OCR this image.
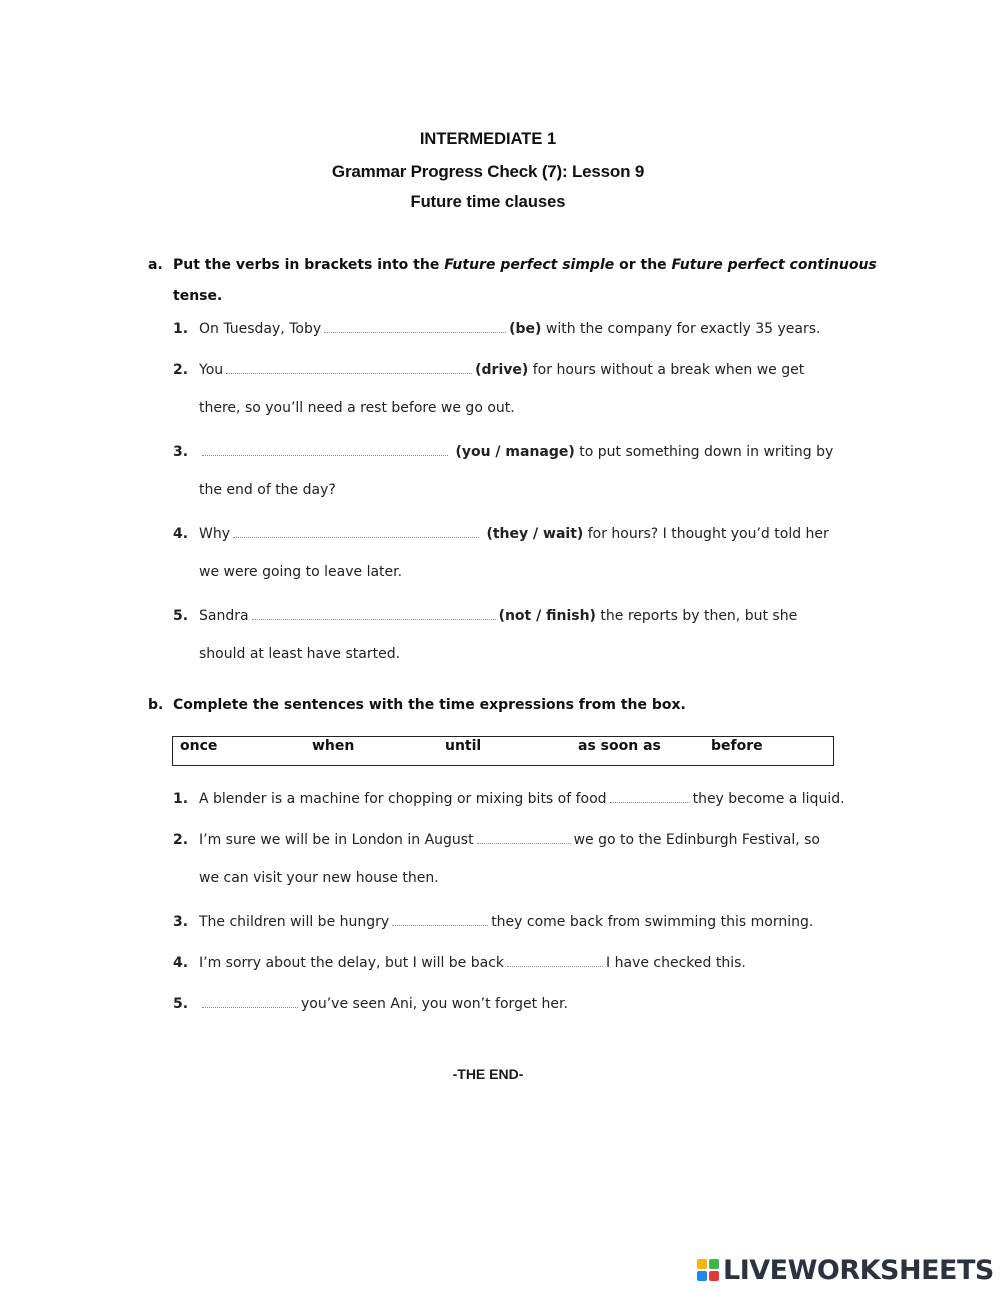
INTERMEDIATE 1
Grammar Progress Check (7): Lesson 9
Future time clauses
a. Put the verbs in brackets into the Future perfect simple or the Future perfect continuous
tense.
1. On Tuesday, Toby	(be) with the company for exactly 35 years.
2. You	(drive) for hours without a break when we get
there, so you’ll need a rest before we go out.
3.	(you / manage) to put something down in writing by
the end of the day?
4. Why	(they / wait) for hours? I thought you’d told her
we were going to leave later.
5. Sandra	(not / finish) the reports by then, but she
should at least have started.
b. Complete the sentences with the time expressions from the box.
once	when	until	as soon as	before
1. A blender is a machine for chopping or mixing bits of food	they become a liquid.
2. I’m sure we will be in London in August	we go to the Edinburgh Festival, so
we can visit your new house then.
3. The children will be hungry	they come back from swimming this morning.
4. I’m sorry about the delay, but I will be back	I have checked this.
5.	you’ve seen Ani, you won’t forget her.
-THE END-
LIVEWORKSHEETS
